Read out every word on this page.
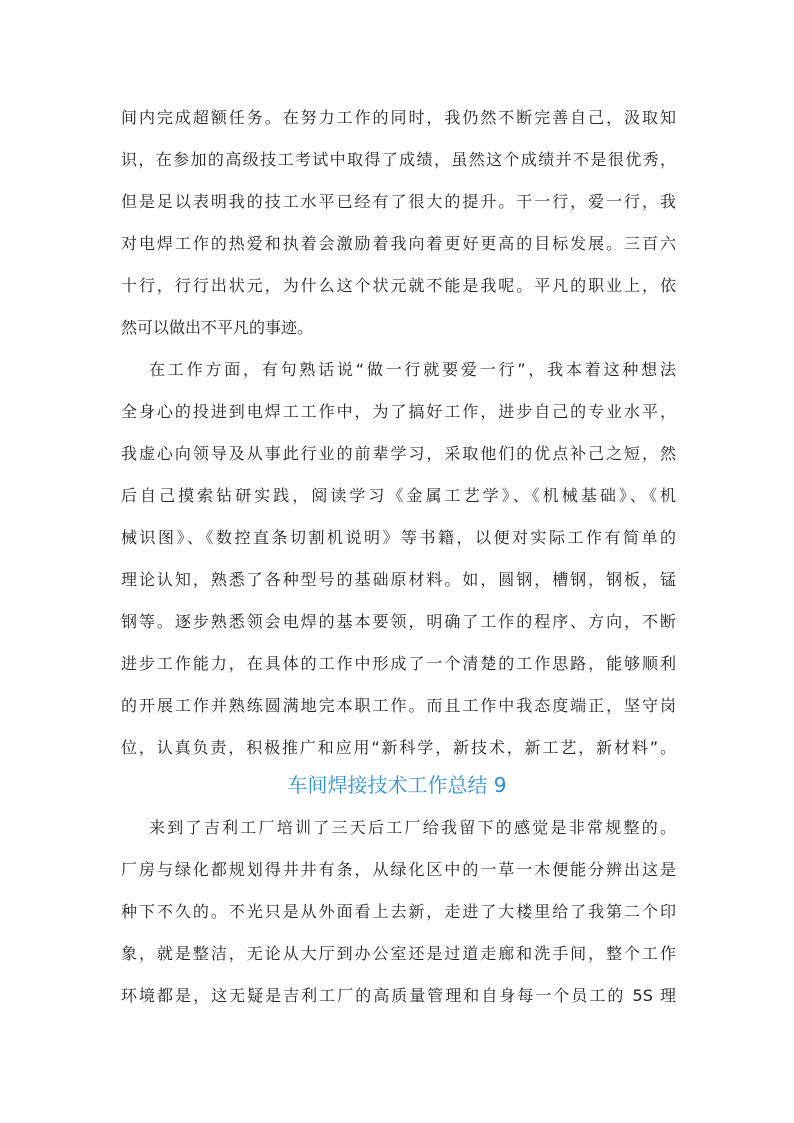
间内完成超额任务。在努力工作的同时，我仍然不断完善自己，汲取知
识，在参加的高级技工考试中取得了成绩，虽然这个成绩并不是很优秀，
但是足以表明我的技工水平已经有了很大的提升。干一行，爱一行，我
对电焊工作的热爱和执着会激励着我向着更好更高的目标发展。三百六
十行，行行出状元，为什么这个状元就不能是我呢。平凡的职业上，依
然可以做出不平凡的事迹。
在工作方面，有句熟话说“做一行就要爱一行”，我本着这种想法
全身心的投进到电焊工工作中，为了搞好工作，进步自己的专业水平，
我虚心向领导及从事此行业的前辈学习，采取他们的优点补己之短，然
后自己摸索钻研实践，阅读学习《金属工艺学》、《机械基础》、《机
械识图》、《数控直条切割机说明》等书籍，以便对实际工作有简单的
理论认知，熟悉了各种型号的基础原材料。如，圆钢，槽钢，钢板，锰
钢等。逐步熟悉领会电焊的基本要领，明确了工作的程序、方向，不断
进步工作能力，在具体的工作中形成了一个清楚的工作思路，能够顺利
的开展工作并熟练圆满地完本职工作。而且工作中我态度端正，坚守岗
位，认真负责，积极推广和应用“新科学，新技术，新工艺，新材料”。
车间焊接技术工作总结 9
来到了吉利工厂培训了三天后工厂给我留下的感觉是非常规整的。
厂房与绿化都规划得井井有条，从绿化区中的一草一木便能分辨出这是
种下不久的。不光只是从外面看上去新，走进了大楼里给了我第二个印
象，就是整洁，无论从大厅到办公室还是过道走廊和洗手间，整个工作
环境都是，这无疑是吉利工厂的高质量管理和自身每一个员工的 5S 理
